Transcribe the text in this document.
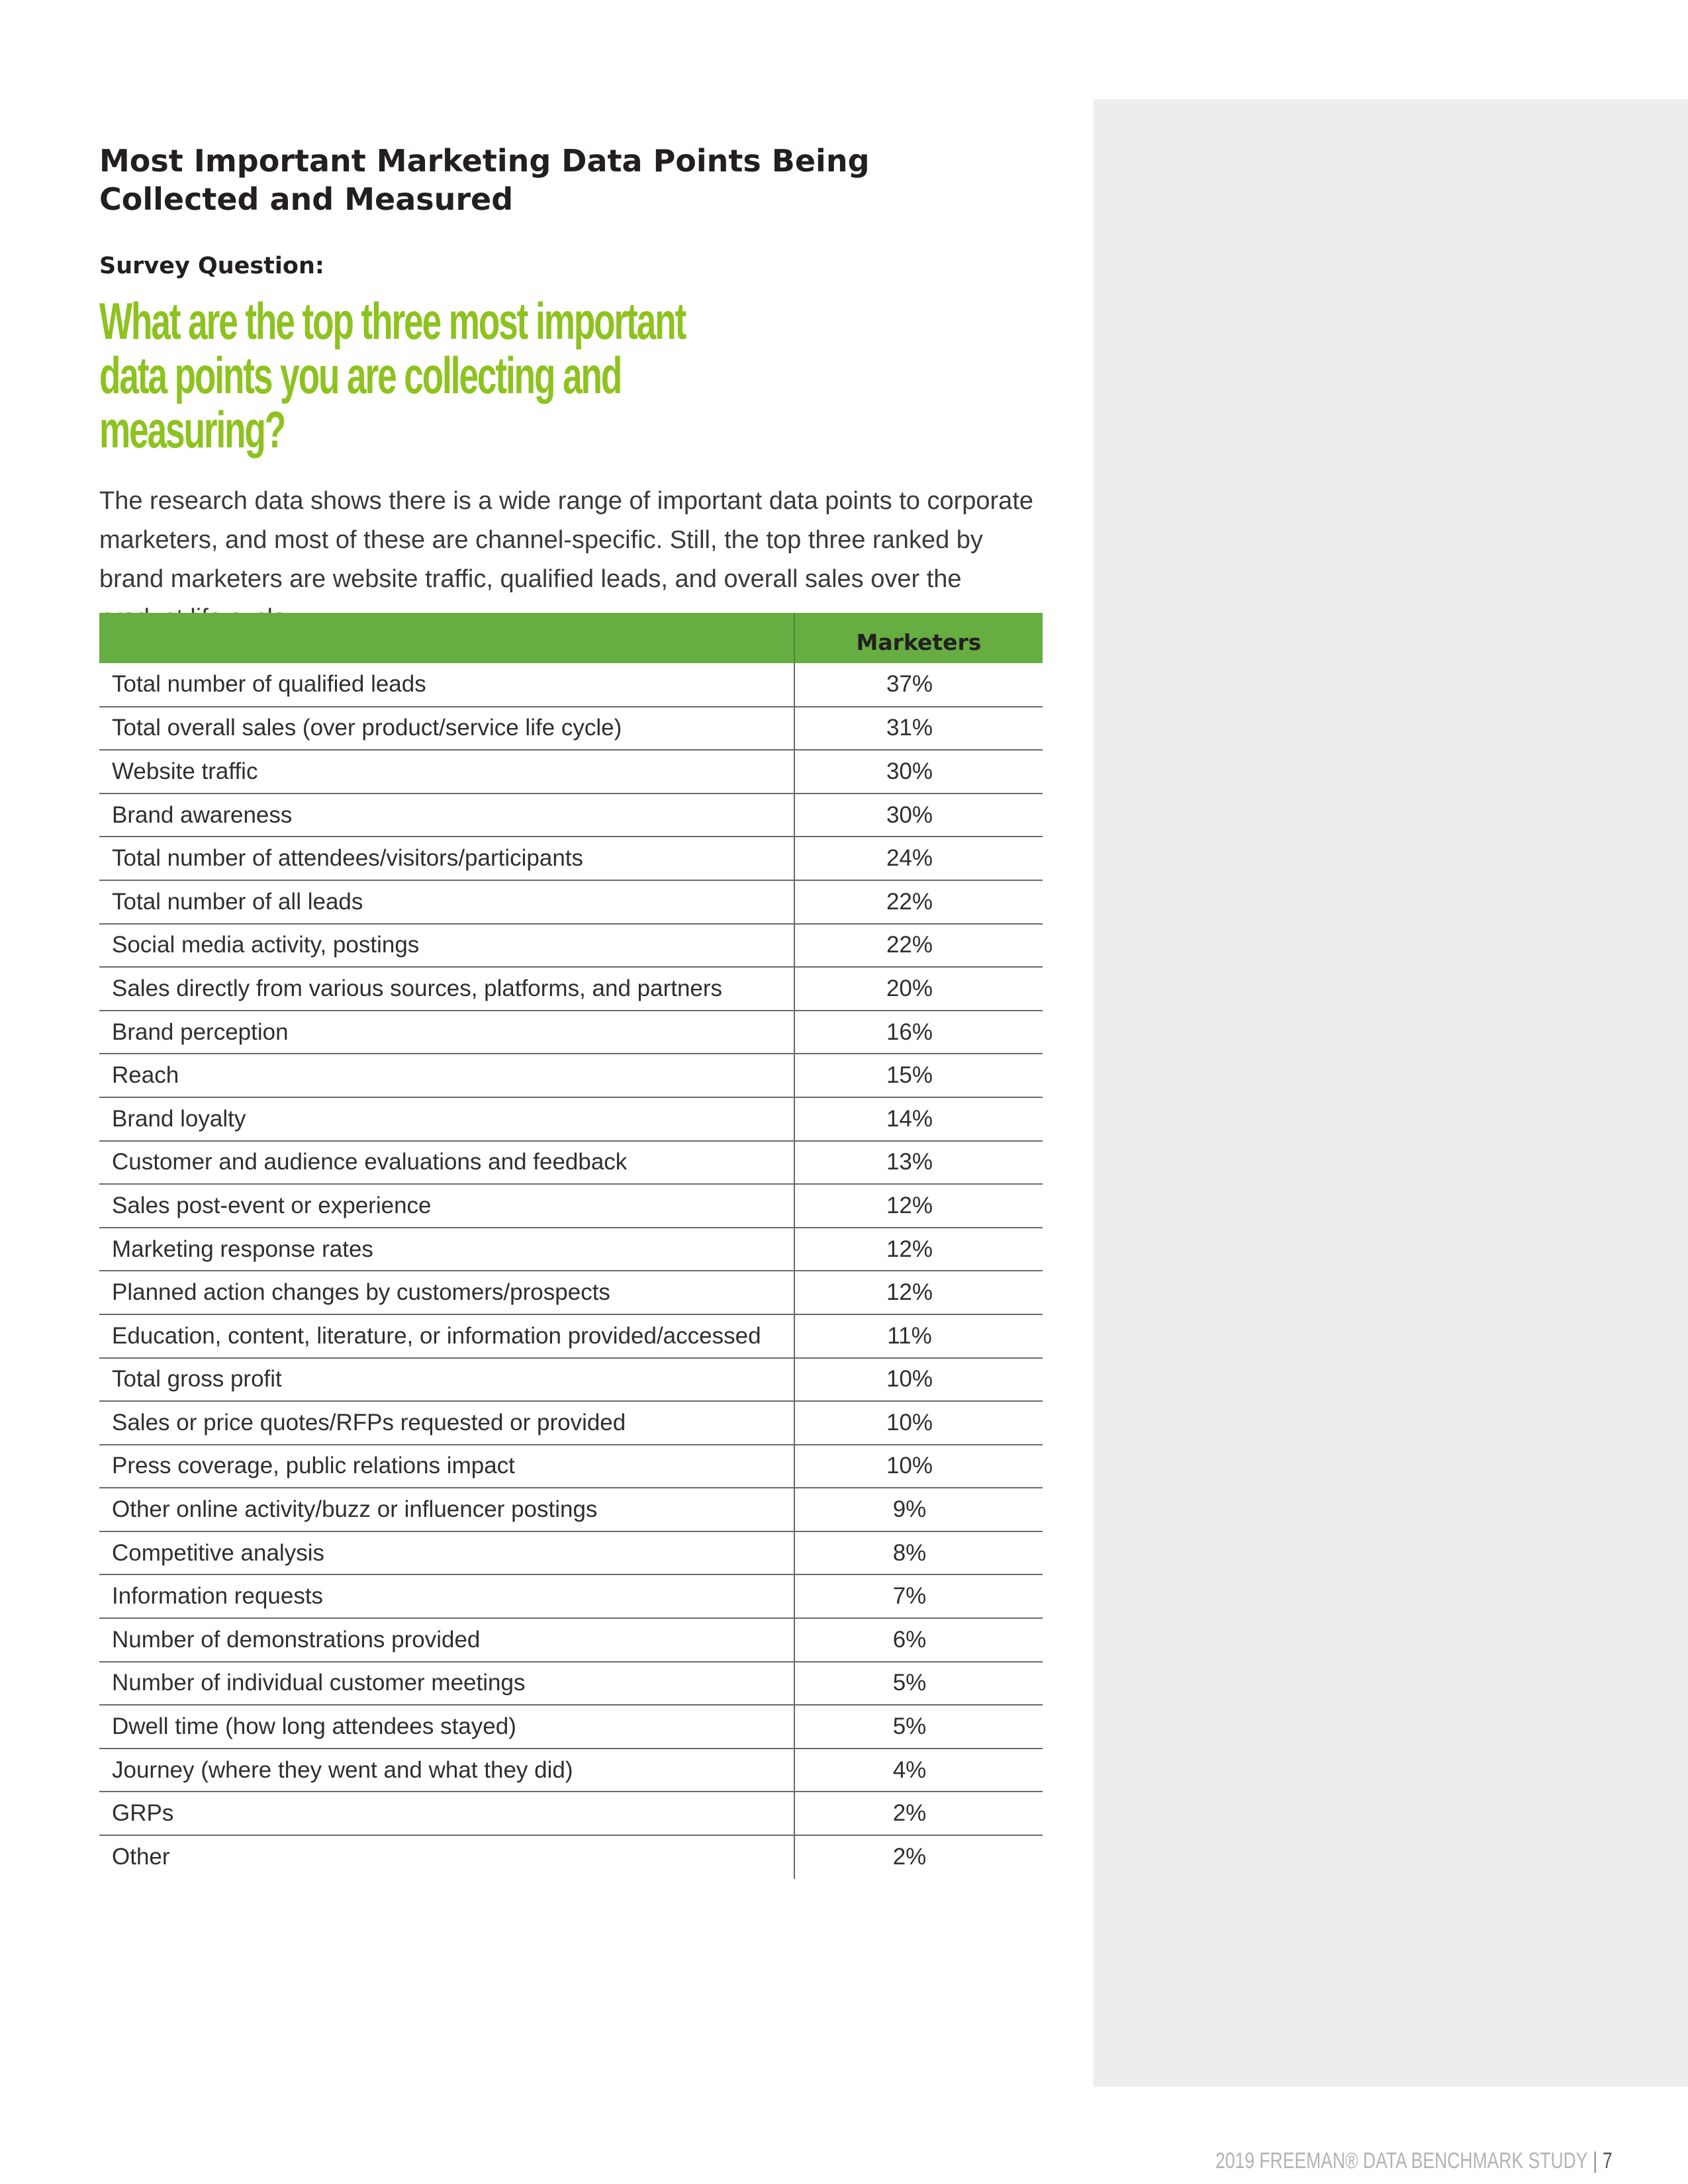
Most Important Marketing Data Points Being Collected and Measured
Survey Question:
What are the top three most important data points you are collecting and measuring?

The research data shows there is a wide range of important data points to corporate marketers, and most of these are channel-specific. Still, the top three ranked by brand marketers are website traffic, qualified leads, and overall sales over the

	Marketers
Total number of qualified leads	37%
Total overall sales (over product/service life cycle)	31%
Website traffic	30%
Brand awareness	30%
Total number of attendees/visitors/participants	24%
Total number of all leads	22%
Social media activity, postings	22%
Sales directly from various sources, platforms, and partners	20%
Brand perception	16%
Reach	15%
Brand loyalty	14%
Customer and audience evaluations and feedback	13%
Sales post-event or experience	12%
Marketing response rates	12%
Planned action changes by customers/prospects	12%
Education, content, literature, or information provided/accessed	11%
Total gross profit	10%
Sales or price quotes/RFPs requested or provided	10%
Press coverage, public relations impact	10%
Other online activity/buzz or influencer postings	9%
Competitive analysis	8%
Information requests	7%
Number of demonstrations provided	6%
Number of individual customer meetings	5%
Dwell time (how long attendees stayed)	5%
Journey (where they went and what they did)	4%
GRPs	2%
Other	2%
2019 FREEMAN® DATA BENCHMARK STUDY | 7
